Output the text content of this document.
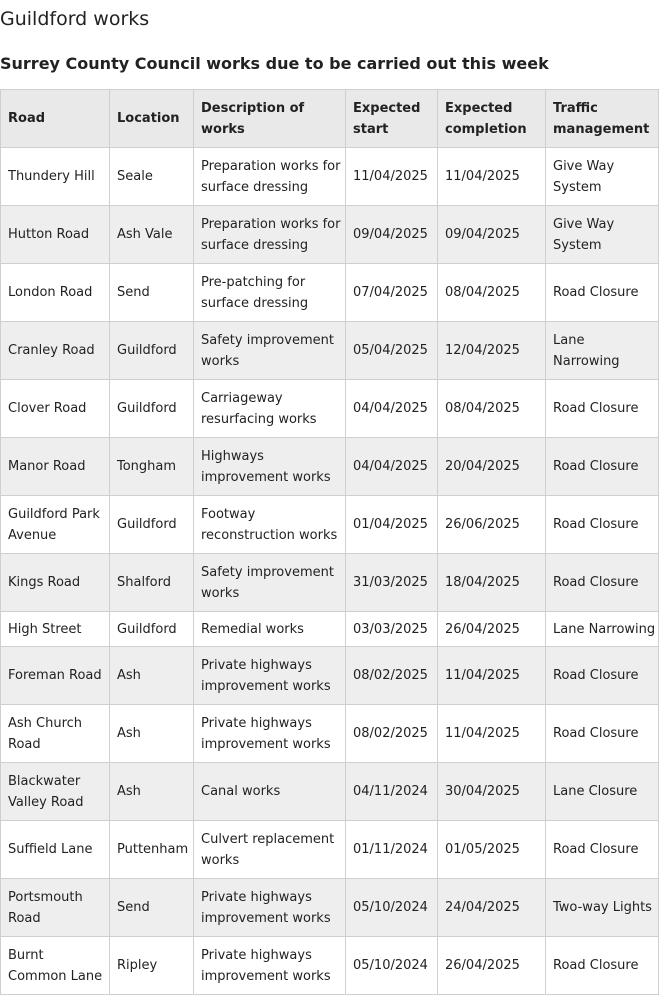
Guildford works
Surrey County Council works due to be carried out this week
Road	Location	Description of works	Expected start	Expected completion	Traffic management
Thundery Hill	Seale	Preparation works for surface dressing	11/04/2025	11/04/2025	Give Way System
Hutton Road	Ash Vale	Preparation works for surface dressing	09/04/2025	09/04/2025	Give Way System
London Road	Send	Pre-patching for surface dressing	07/04/2025	08/04/2025	Road Closure
Cranley Road	Guildford	Safety improvement works	05/04/2025	12/04/2025	Lane Narrowing
Clover Road	Guildford	Carriageway resurfacing works	04/04/2025	08/04/2025	Road Closure
Manor Road	Tongham	Highways improvement works	04/04/2025	20/04/2025	Road Closure
Guildford Park Avenue	Guildford	Footway reconstruction works	01/04/2025	26/06/2025	Road Closure
Kings Road	Shalford	Safety improvement works	31/03/2025	18/04/2025	Road Closure
High Street	Guildford	Remedial works	03/03/2025	26/04/2025	Lane Narrowing
Foreman Road	Ash	Private highways improvement works	08/02/2025	11/04/2025	Road Closure
Ash Church Road	Ash	Private highways improvement works	08/02/2025	11/04/2025	Road Closure
Blackwater Valley Road	Ash	Canal works	04/11/2024	30/04/2025	Lane Closure
Suffield Lane	Puttenham	Culvert replacement works	01/11/2024	01/05/2025	Road Closure
Portsmouth Road	Send	Private highways improvement works	05/10/2024	24/04/2025	Two-way Lights
Burnt Common Lane	Ripley	Private highways improvement works	05/10/2024	26/04/2025	Road Closure
